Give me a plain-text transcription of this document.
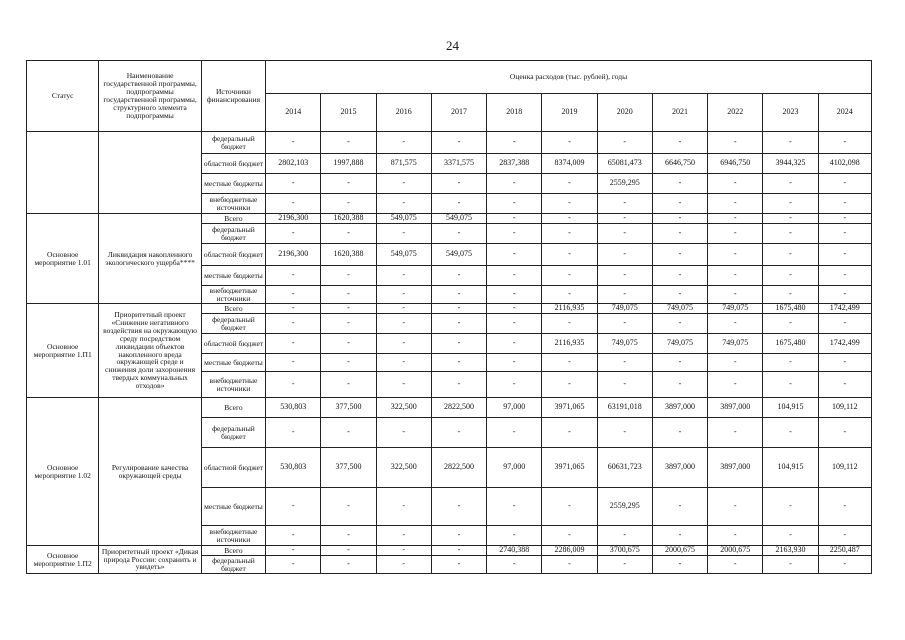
24
Статус	Наименование государственной программы, подпрограммы государственной программы, структурного элемента подпрограммы	Источники финансирования	Оценка расходов (тыс. рублей), годы										
			2014	2015	2016	2017	2018	2019	2020	2021	2022	2023	2024
		федеральный бюджет	-	-	-	-	-	-	-	-	-	-	-
		областной бюджет	2802,103	1997,888	871,575	3371,575	2837,388	8374,009	65081,473	6646,750	6946,750	3944,325	4102,098
		местные бюджеты	-	-	-	-	-	-	2559,295	-	-	-	-
		внебюджетные источники	-	-	-	-	-	-	-	-	-	-	-
Основное мероприятие 1.01	Ликвидация накопленного экологического ущерба****	Всего	2196,300	1620,388	549,075	549,075	-	-	-	-	-	-	-
		федеральный бюджет	-	-	-	-	-	-	-	-	-	-	-
		областной бюджет	2196,300	1620,388	549,075	549,075	-	-	-	-	-	-	-
		местные бюджеты	-	-	-	-	-	-	-	-	-	-	-
		внебюджетные источники	-	-	-	-	-	-	-	-	-	-	-
Основное мероприятие 1.П1	Приоритетный проект «Снижение негативного воздействия на окружающую среду посредством ликвидации объектов накопленного вреда окружающей среде и снижения доли захоронения твердых коммунальных отходов»	Всего	-	-	-	-	-	2116,935	749,075	749,075	749,075	1675,480	1742,499
		федеральный бюджет	-	-	-	-	-	-	-	-	-	-	-
		областной бюджет	-	-	-	-	-	2116,935	749,075	749,075	749,075	1675,480	1742,499
		местные бюджеты	-	-	-	-	-	-	-	-	-	-	-
		внебюджетные источники	-	-	-	-	-	-	-	-	-	-	-
Основное мероприятие 1.02	Регулирование качества окружающей среды	Всего	530,803	377,500	322,500	2822,500	97,000	3971,065	63191,018	3897,000	3897,000	104,915	109,112
		федеральный бюджет	-	-	-	-	-	-	-	-	-	-	-
		областной бюджет	530,803	377,500	322,500	2822,500	97,000	3971,065	60631,723	3897,000	3897,000	104,915	109,112
		местные бюджеты	-	-	-	-	-	-	2559,295	-	-	-	-
		внебюджетные источники	-	-	-	-	-	-	-	-	-	-	-
Основное мероприятие 1.П2	Приоритетный проект «Дикая природа России: сохранить и увидеть»	Всего	-	-	-	-	2740,388	2286,009	3700,675	2000,675	2000,675	2163,930	2250,487
		федеральный бюджет	-	-	-	-	-	-	-	-	-	-	-
